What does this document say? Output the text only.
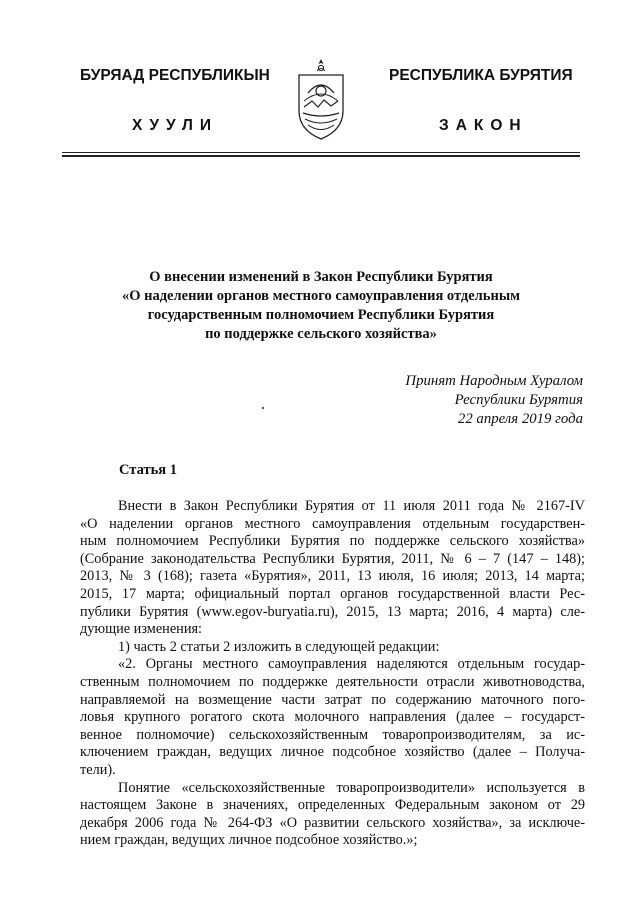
БУРЯАД РЕСПУБЛИКЫН	РЕСПУБЛИКА БУРЯТИЯ
ХУУЛИ	ЗАКОН
О внесении изменений в Закон Республики Бурятия
«О наделении органов местного самоуправления отдельным
государственным полномочием Республики Бурятия
по поддержке сельского хозяйства»
Принят Народным Хуралом
Республики Бурятия
22 апреля 2019 года
Статья 1
Внести в Закон Республики Бурятия от 11 июля 2011 года № 2167-IV
«О наделении органов местного самоуправления отдельным государствен-
ным полномочием Республики Бурятия по поддержке сельского хозяйства»
(Собрание законодательства Республики Бурятия, 2011, № 6 – 7 (147 – 148);
2013, № 3 (168); газета «Бурятия», 2011, 13 июля, 16 июля; 2013, 14 марта;
2015, 17 марта; официальный портал органов государственной власти Рес-
публики Бурятия (www.egov-buryatia.ru), 2015, 13 марта; 2016, 4 марта) сле-
дующие изменения:
1) часть 2 статьи 2 изложить в следующей редакции:
«2. Органы местного самоуправления наделяются отдельным государ-
ственным полномочием по поддержке деятельности отрасли животноводства,
направляемой на возмещение части затрат по содержанию маточного пого-
ловья крупного рогатого скота молочного направления (далее – государст-
венное полномочие) сельскохозяйственным товаропроизводителям, за ис-
ключением граждан, ведущих личное подсобное хозяйство (далее – Получа-
тели).
Понятие «сельскохозяйственные товаропроизводители» используется в
настоящем Законе в значениях, определенных Федеральным законом от 29
декабря 2006 года № 264-ФЗ «О развитии сельского хозяйства», за исключе-
нием граждан, ведущих личное подсобное хозяйство.»;
